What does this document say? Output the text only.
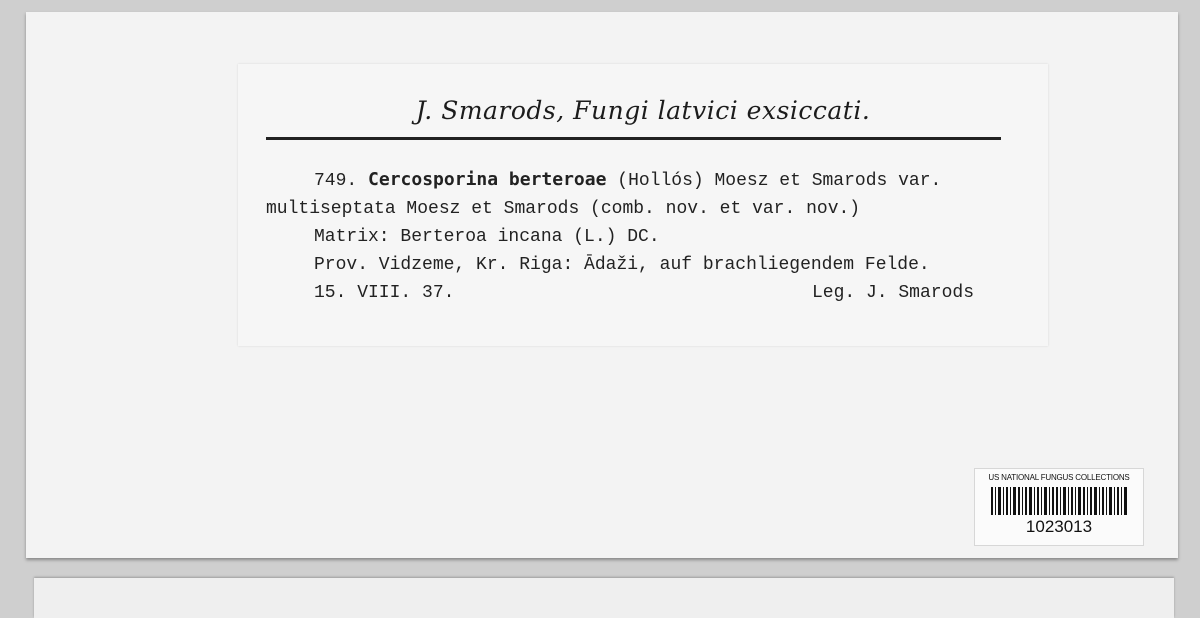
J. Smarods, Fungi latvici exsiccati.
749. Cercosporina berteroae (Hollós) Moesz et Smarods var.
multiseptata Moesz et Smarods (comb. nov. et var. nov.)
Matrix: Berteroa incana (L.) DC.
Prov. Vidzeme, Kr. Riga: Ādaži, auf brachliegendem Felde.
15. VIII. 37.	Leg. J. Smarods
US NATIONAL FUNGUS COLLECTIONS
1023013
